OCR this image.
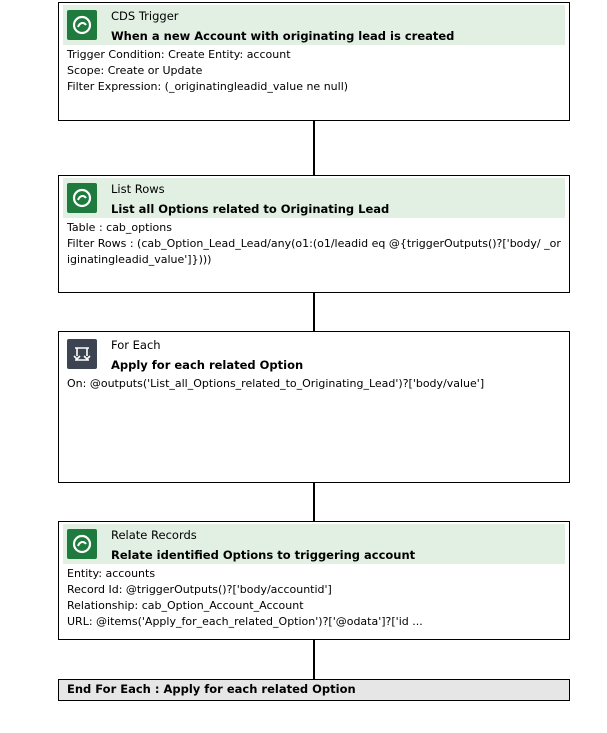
CDS Trigger
When a new Account with originating lead is created
Trigger Condition: Create Entity: account
Scope: Create or Update
Filter Expression: (_originatingleadid_value ne null)
List Rows
List all Options related to Originating Lead
Table : cab_options
Filter Rows : (cab_Option_Lead_Lead/any(o1:(o1/leadid eq @{triggerOutputs()?['body/ _originatingleadid_value']})))
For Each
Apply for each related Option
On: @outputs('List_all_Options_related_to_Originating_Lead')?['body/value']
Relate Records
Relate identified Options to triggering account
Entity: accounts
Record Id: @triggerOutputs()?['body/accountid']
Relationship: cab_Option_Account_Account
URL: @items('Apply_for_each_related_Option')?['@odata']?['id ...
End For Each : Apply for each related Option
